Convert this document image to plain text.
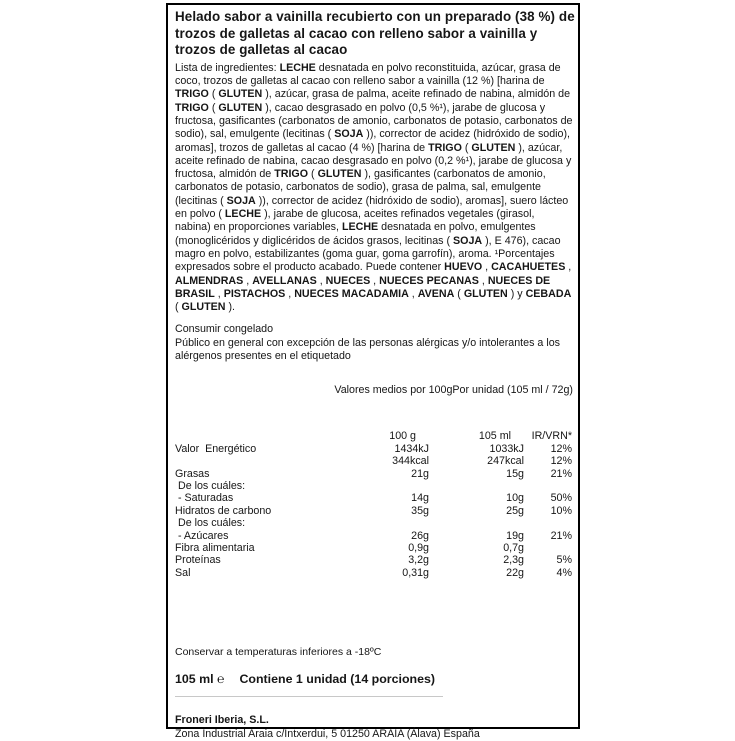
Helado sabor a vainilla recubierto con un preparado (38 %) de
trozos de galletas al cacao con relleno sabor a vainilla y
trozos de galletas al cacao
Lista de ingredientes: LECHE desnatada en polvo reconstituida, azúcar, grasa de coco, trozos de galletas al cacao con relleno sabor a vainilla (12 %) [harina de TRIGO ( GLUTEN ), azúcar, grasa de palma, aceite refinado de nabina, almidón de TRIGO ( GLUTEN ), cacao desgrasado en polvo (0,5 %¹), jarabe de glucosa y fructosa, gasificantes (carbonatos de amonio, carbonatos de potasio, carbonatos de sodio), sal, emulgente (lecitinas ( SOJA )), corrector de acidez (hidróxido de sodio), aromas], trozos de galletas al cacao (4 %) [harina de TRIGO ( GLUTEN ), azúcar, aceite refinado de nabina, cacao desgrasado en polvo (0,2 %¹), jarabe de glucosa y fructosa, almidón de TRIGO ( GLUTEN ), gasificantes (carbonatos de amonio, carbonatos de potasio, carbonatos de sodio), grasa de palma, sal, emulgente (lecitinas ( SOJA )), corrector de acidez (hidróxido de sodio), aromas], suero lácteo en polvo ( LECHE ), jarabe de glucosa, aceites refinados vegetales (girasol, nabina) en proporciones variables, LECHE desnatada en polvo, emulgentes (monoglicéridos y diglicéridos de ácidos grasos, lecitinas ( SOJA ), E 476), cacao magro en polvo, estabilizantes (goma guar, goma garrofín), aroma. ¹Porcentajes expresados sobre el producto acabado. Puede contener HUEVO , CACAHUETES , ALMENDRAS , AVELLANAS , NUECES , NUECES PECANAS , NUECES DE BRASIL , PISTACHOS , NUECES MACADAMIA , AVENA ( GLUTEN ) y CEBADA ( GLUTEN ).
Consumir congelado
Público en general con excepción de las personas alérgicas y/o intolerantes a los alérgenos presentes en el etiquetado
Valores medios por 100gPor unidad (105 ml / 72g)
100 g	105 ml	IR/VRN*
Valor  Energético	1434kJ	1033kJ	12%
344kcal	247kcal	12%
Grasas	21g	15g	21%
De los cuáles:
- Saturadas	14g	10g	50%
Hidratos de carbono	35g	25g	10%
De los cuáles:
- Azúcares	26g	19g	21%
Fibra alimentaria	0,9g	0,7g
Proteínas	3,2g	2,3g	5%
Sal	0,31g	22g	4%
Conservar a temperaturas inferiores a -18ºC
105 ml ℮ Contiene 1 unidad (14 porciones)
Froneri Iberia, S.L.
Zona Industrial Araia c/Intxerdui, 5 01250 ARAIA (Álava) España
